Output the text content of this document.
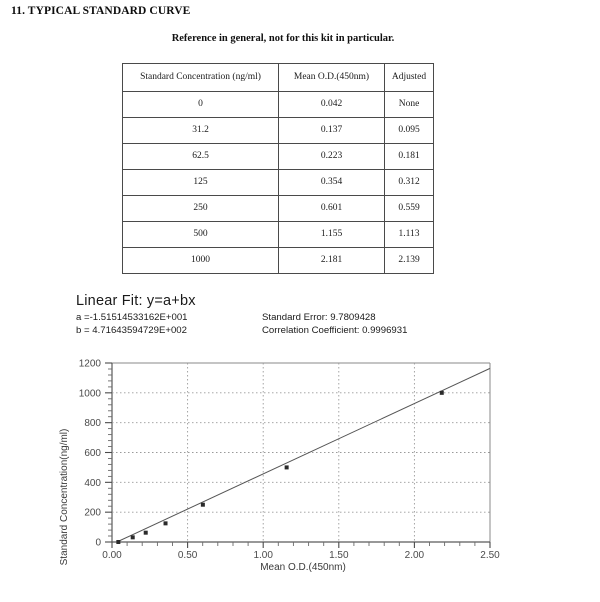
11. TYPICAL STANDARD CURVE
Reference in general, not for this kit in particular.
Standard Concentration (ng/ml)	Mean O.D.(450nm)	Adjusted
0	0.042	None
31.2	0.137	0.095
62.5	0.223	0.181
125	0.354	0.312
250	0.601	0.559
500	1.155	1.113
1000	2.181	2.139
Linear Fit: y=a+bx
a =-1.51514533162E+001	Standard Error: 9.7809428
b = 4.71643594729E+002	Correlation Coefficient: 0.9996931
Standard Concentration(ng/ml)
Mean O.D.(450nm)
0
200
400
600
800
1000
1200
0.00	0.50	1.00	1.50	2.00	2.50
